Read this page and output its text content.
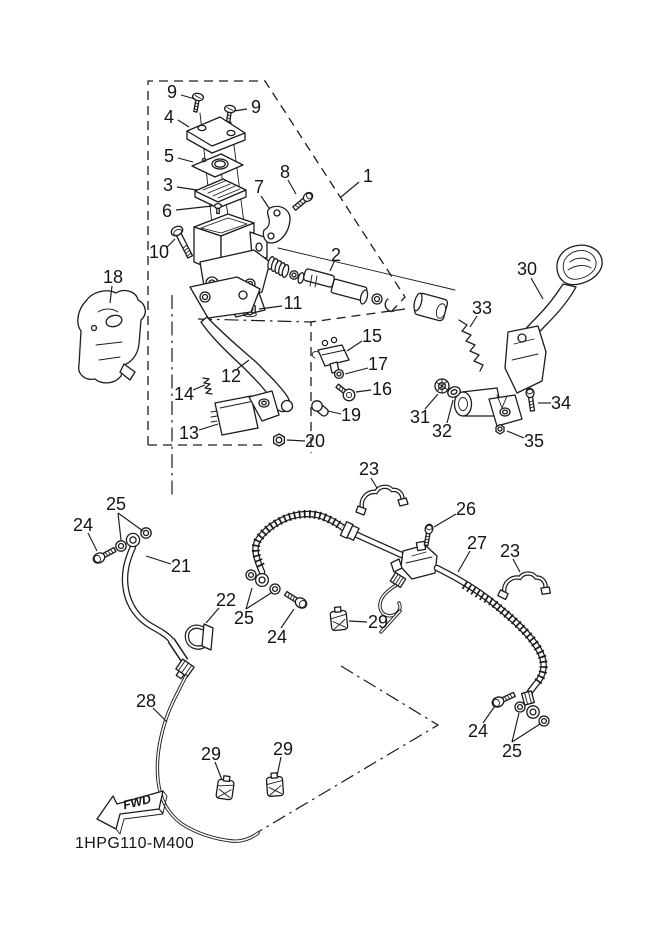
FWD
1HPG110-M400
9
9
4
5
3
6
7
8	1
10	2
11
18
15
17
16
12
14
13
19
20
30
33
31
32
34
35
23
26
27 23
25
24
21
22
25
24
29
28
29	29
24
25
